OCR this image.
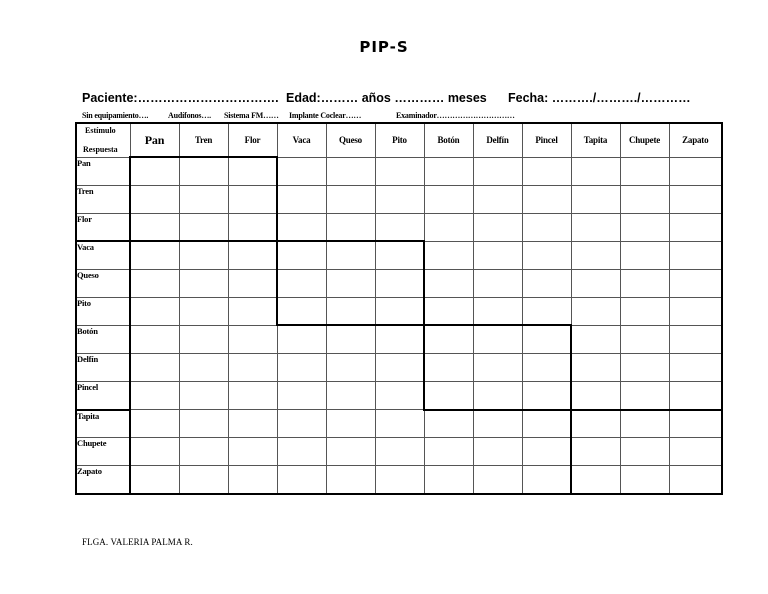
PIP-S
Paciente:……………………………. Edad:……… años ………… meses Fecha: ………./………./…………
Sin equipamiento…. Audífonos…. Sistema FM…… Implante Coclear……	Examinador…………………………
Estímulo
Respuesta	Pan	Tren	Flor	Vaca	Queso	Pito	Botón	Delfín	Pincel	Tapita	Chupete	Zapato
Pan												
Tren												
Flor												
Vaca												
Queso												
Pito												
Botón												
Delfín												
Pincel												
Tapita												
Chupete												
Zapato												
FLGA. VALERIA PALMA R.
